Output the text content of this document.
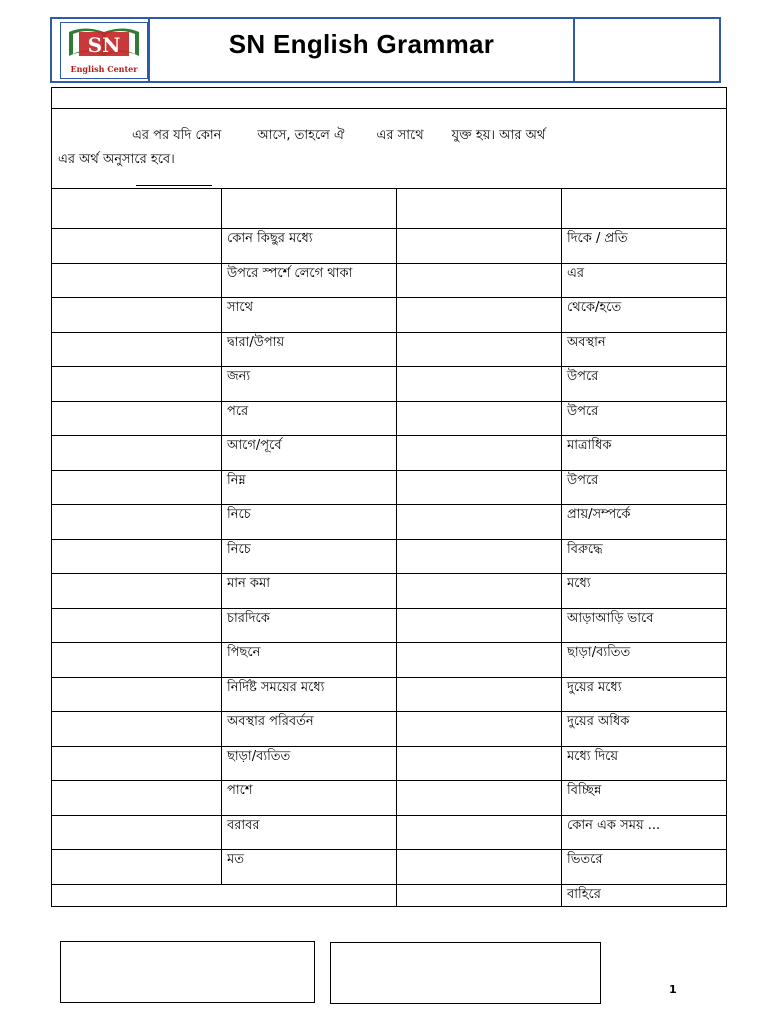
SN
English Center
SN English Grammar
এর পর যদি কোন	আসে, তাহলে ঐ এর সাথে যুক্ত হয়। আর অর্থ
এর অর্থ অনুসারে হবে।
কোন কিছুর মধ্যে	দিকে / প্রতি
উপরে স্পর্শে লেগে থাকা	এর
সাথে	থেকে/হতে
দ্বারা/উপায়	অবস্থান
জন্য	উপরে
পরে	উপরে
আগে/পূর্বে	মাত্রাধিক
নিম্ন	উপরে
নিচে	প্রায়/সম্পর্কে
নিচে	বিরুদ্ধে
মান কমা	মধ্যে
চারদিকে	আড়াআড়ি ভাবে
পিছনে	ছাড়া/ব্যতিত
নির্দিষ্ট সময়ের মধ্যে	দুয়ের মধ্যে
অবস্থার পরিবর্তন	দুয়ের অধিক
ছাড়া/ব্যতিত	মধ্যে দিয়ে
পাশে	বিচ্ছিন্ন
বরাবর	কোন এক সময় ...
মত	ভিতরে
বাহিরে
1
